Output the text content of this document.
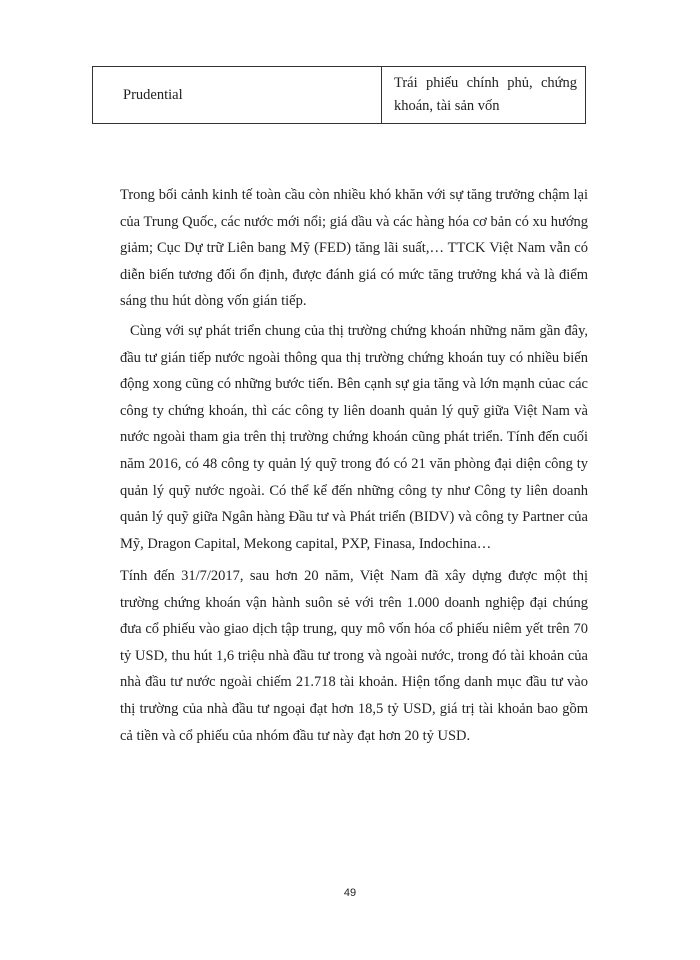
Prudential	Trái phiếu chính phủ, chứng khoán, tài sản vốn

Trong bối cảnh kinh tế toàn cầu còn nhiều khó khăn với sự tăng trưởng chậm lại của Trung Quốc, các nước mới nổi; giá dầu và các hàng hóa cơ bản có xu hướng giảm; Cục Dự trữ Liên bang Mỹ (FED) tăng lãi suất,… TTCK Việt Nam vẫn có diễn biến tương đối ổn định, được đánh giá có mức tăng trưởng khá và là điểm sáng thu hút dòng vốn gián tiếp.

Cùng với sự phát triển chung của thị trường chứng khoán những năm gần đây, đầu tư gián tiếp nước ngoài thông qua thị trường chứng khoán tuy có nhiều biến động xong cũng có những bước tiến. Bên cạnh sự gia tăng và lớn mạnh củac các công ty chứng khoán, thì các công ty liên doanh quản lý quỹ giữa Việt Nam và nước ngoài tham gia trên thị trường chứng khoán cũng phát triển. Tính đến cuối năm 2016, có 48 công ty quản lý quỹ trong đó có 21 văn phòng đại diện công ty quản lý quỹ nước ngoài. Có thể kể đến những công ty như Công ty liên doanh quản lý quỹ giữa Ngân hàng Đầu tư và Phát triển (BIDV) và công ty Partner của Mỹ, Dragon Capital, Mekong capital, PXP, Finasa, Indochina…

Tính đến 31/7/2017, sau hơn 20 năm, Việt Nam đã xây dựng được một thị trường chứng khoán vận hành suôn sẻ với trên 1.000 doanh nghiệp đại chúng đưa cổ phiếu vào giao dịch tập trung, quy mô vốn hóa cổ phiếu niêm yết trên 70 tỷ USD, thu hút 1,6 triệu nhà đầu tư trong và ngoài nước, trong đó tài khoản của nhà đầu tư nước ngoài chiếm 21.718 tài khoản. Hiện tổng danh mục đầu tư vào thị trường của nhà đầu tư ngoại đạt hơn 18,5 tỷ USD, giá trị tài khoản bao gồm cả tiền và cổ phiếu của nhóm đầu tư này đạt hơn 20 tỷ USD.

49
